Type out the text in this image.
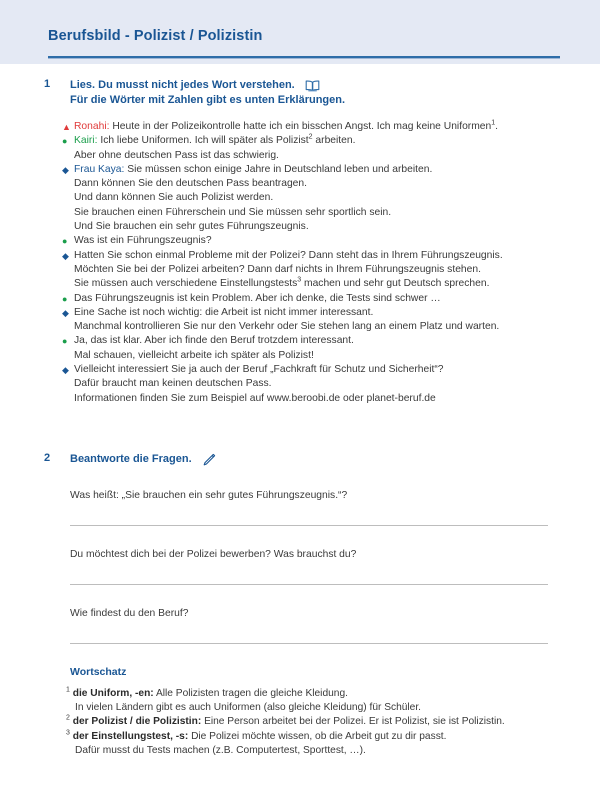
Berufsbild - Polizist / Polizistin
1 Lies. Du musst nicht jedes Wort verstehen.
Für die Wörter mit Zahlen gibt es unten Erklärungen.
▲ Ronahi: Heute in der Polizeikontrolle hatte ich ein bisschen Angst. Ich mag keine Uniformen$^1$.
● Kairi: Ich liebe Uniformen. Ich will später als Polizist$^2$ arbeiten.
Aber ohne deutschen Pass ist das schwierig.
◆ Frau Kaya: Sie müssen schon einige Jahre in Deutschland leben und arbeiten.
Dann können Sie den deutschen Pass beantragen.
Und dann können Sie auch Polizist werden.
Sie brauchen einen Führerschein und Sie müssen sehr sportlich sein.
Und Sie brauchen ein sehr gutes Führungszeugnis.
● Was ist ein Führungszeugnis?
◆ Hatten Sie schon einmal Probleme mit der Polizei? Dann steht das in Ihrem Führungszeugnis.
Möchten Sie bei der Polizei arbeiten? Dann darf nichts in Ihrem Führungszeugnis stehen.
Sie müssen auch verschiedene Einstellungstests$^3$ machen und sehr gut Deutsch sprechen.
● Das Führungszeugnis ist kein Problem. Aber ich denke, die Tests sind schwer …
◆ Eine Sache ist noch wichtig: die Arbeit ist nicht immer interessant.
Manchmal kontrollieren Sie nur den Verkehr oder Sie stehen lang an einem Platz und warten.
● Ja, das ist klar. Aber ich finde den Beruf trotzdem interessant.
Mal schauen, vielleicht arbeite ich später als Polizist!
◆ Vielleicht interessiert Sie ja auch der Beruf „Fachkraft für Schutz und Sicherheit“?
Dafür braucht man keinen deutschen Pass.
Informationen finden Sie zum Beispiel auf www.beroobi.de oder planet-beruf.de
2 Beantworte die Fragen.
Was heißt: „Sie brauchen ein sehr gutes Führungszeugnis.“?
Du möchtest dich bei der Polizei bewerben? Was brauchst du?
Wie findest du den Beruf?
Wortschatz
$^1$ die Uniform, -en: Alle Polizisten tragen die gleiche Kleidung.
In vielen Ländern gibt es auch Uniformen (also gleiche Kleidung) für Schüler.
$^2$ der Polizist / die Polizistin: Eine Person arbeitet bei der Polizei. Er ist Polizist, sie ist Polizistin.
$^3$ der Einstellungstest, -s: Die Polizei möchte wissen, ob die Arbeit gut zu dir passt.
Dafür musst du Tests machen (z.B. Computertest, Sporttest, …).
